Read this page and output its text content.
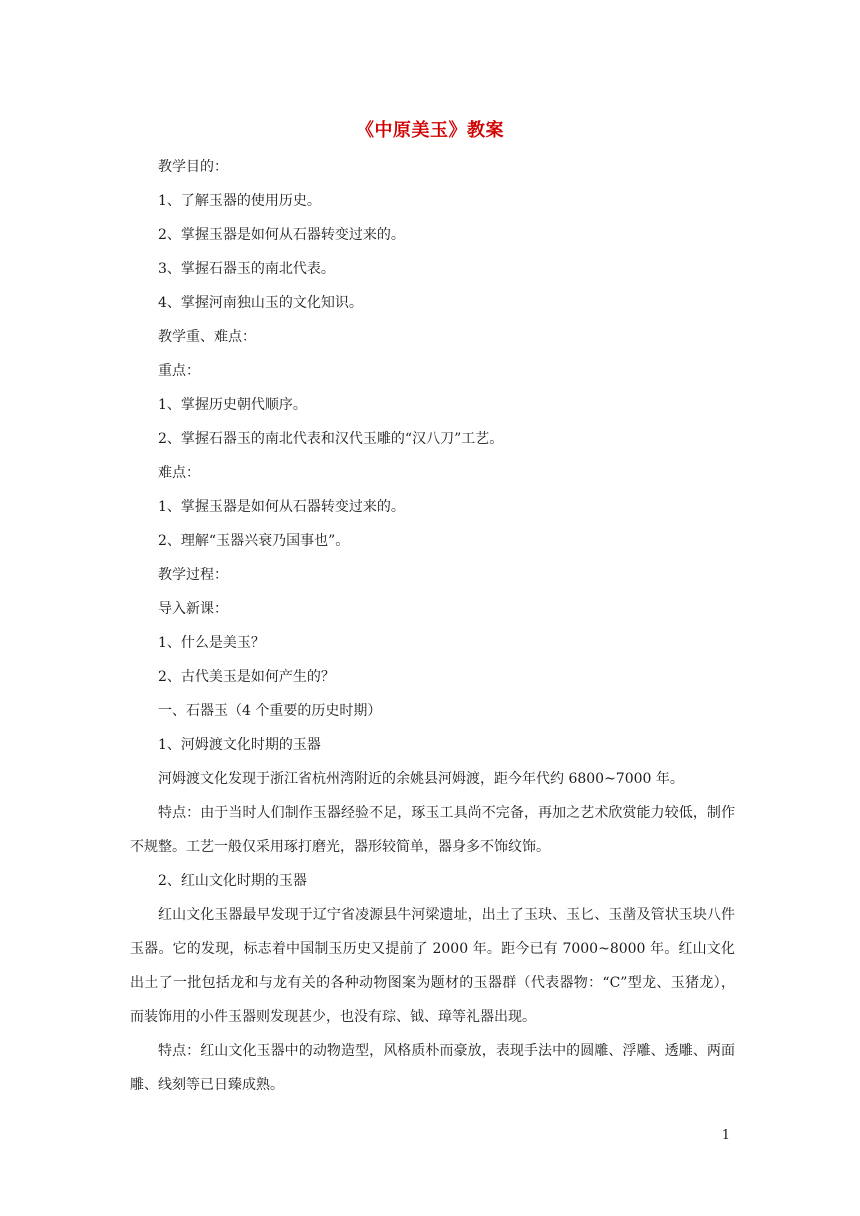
《中原美玉》教案

教学目的：

1、了解玉器的使用历史。

2、掌握玉器是如何从石器转变过来的。

3、掌握石器玉的南北代表。

4、掌握河南独山玉的文化知识。

教学重、难点：

重点：

1、掌握历史朝代顺序。

2、掌握石器玉的南北代表和汉代玉雕的“汉八刀”工艺。

难点：

1、掌握玉器是如何从石器转变过来的。

2、理解“玉器兴衰乃国事也”。

教学过程：

导入新课：

1、什么是美玉？

2、古代美玉是如何产生的？

一、石器玉（4 个重要的历史时期）

1、河姆渡文化时期的玉器

河姆渡文化发现于浙江省杭州湾附近的余姚县河姆渡，距今年代约 6800~7000 年。

特点：由于当时人们制作玉器经验不足，琢玉工具尚不完备，再加之艺术欣赏能力较低，制作不规整。工艺一般仅采用琢打磨光，器形较简单，器身多不饰纹饰。

2、红山文化时期的玉器

红山文化玉器最早发现于辽宁省凌源县牛河梁遗址，出土了玉玦、玉匕、玉凿及管状玉块八件玉器。它的发现，标志着中国制玉历史又提前了 2000 年。距今已有 7000~8000 年。红山文化出土了一批包括龙和与龙有关的各种动物图案为题材的玉器群（代表器物：“C”型龙、玉猪龙），而装饰用的小件玉器则发现甚少，也没有琮、钺、璋等礼器出现。

特点：红山文化玉器中的动物造型，风格质朴而豪放，表现手法中的圆雕、浮雕、透雕、两面雕、线刻等已日臻成熟。

1
